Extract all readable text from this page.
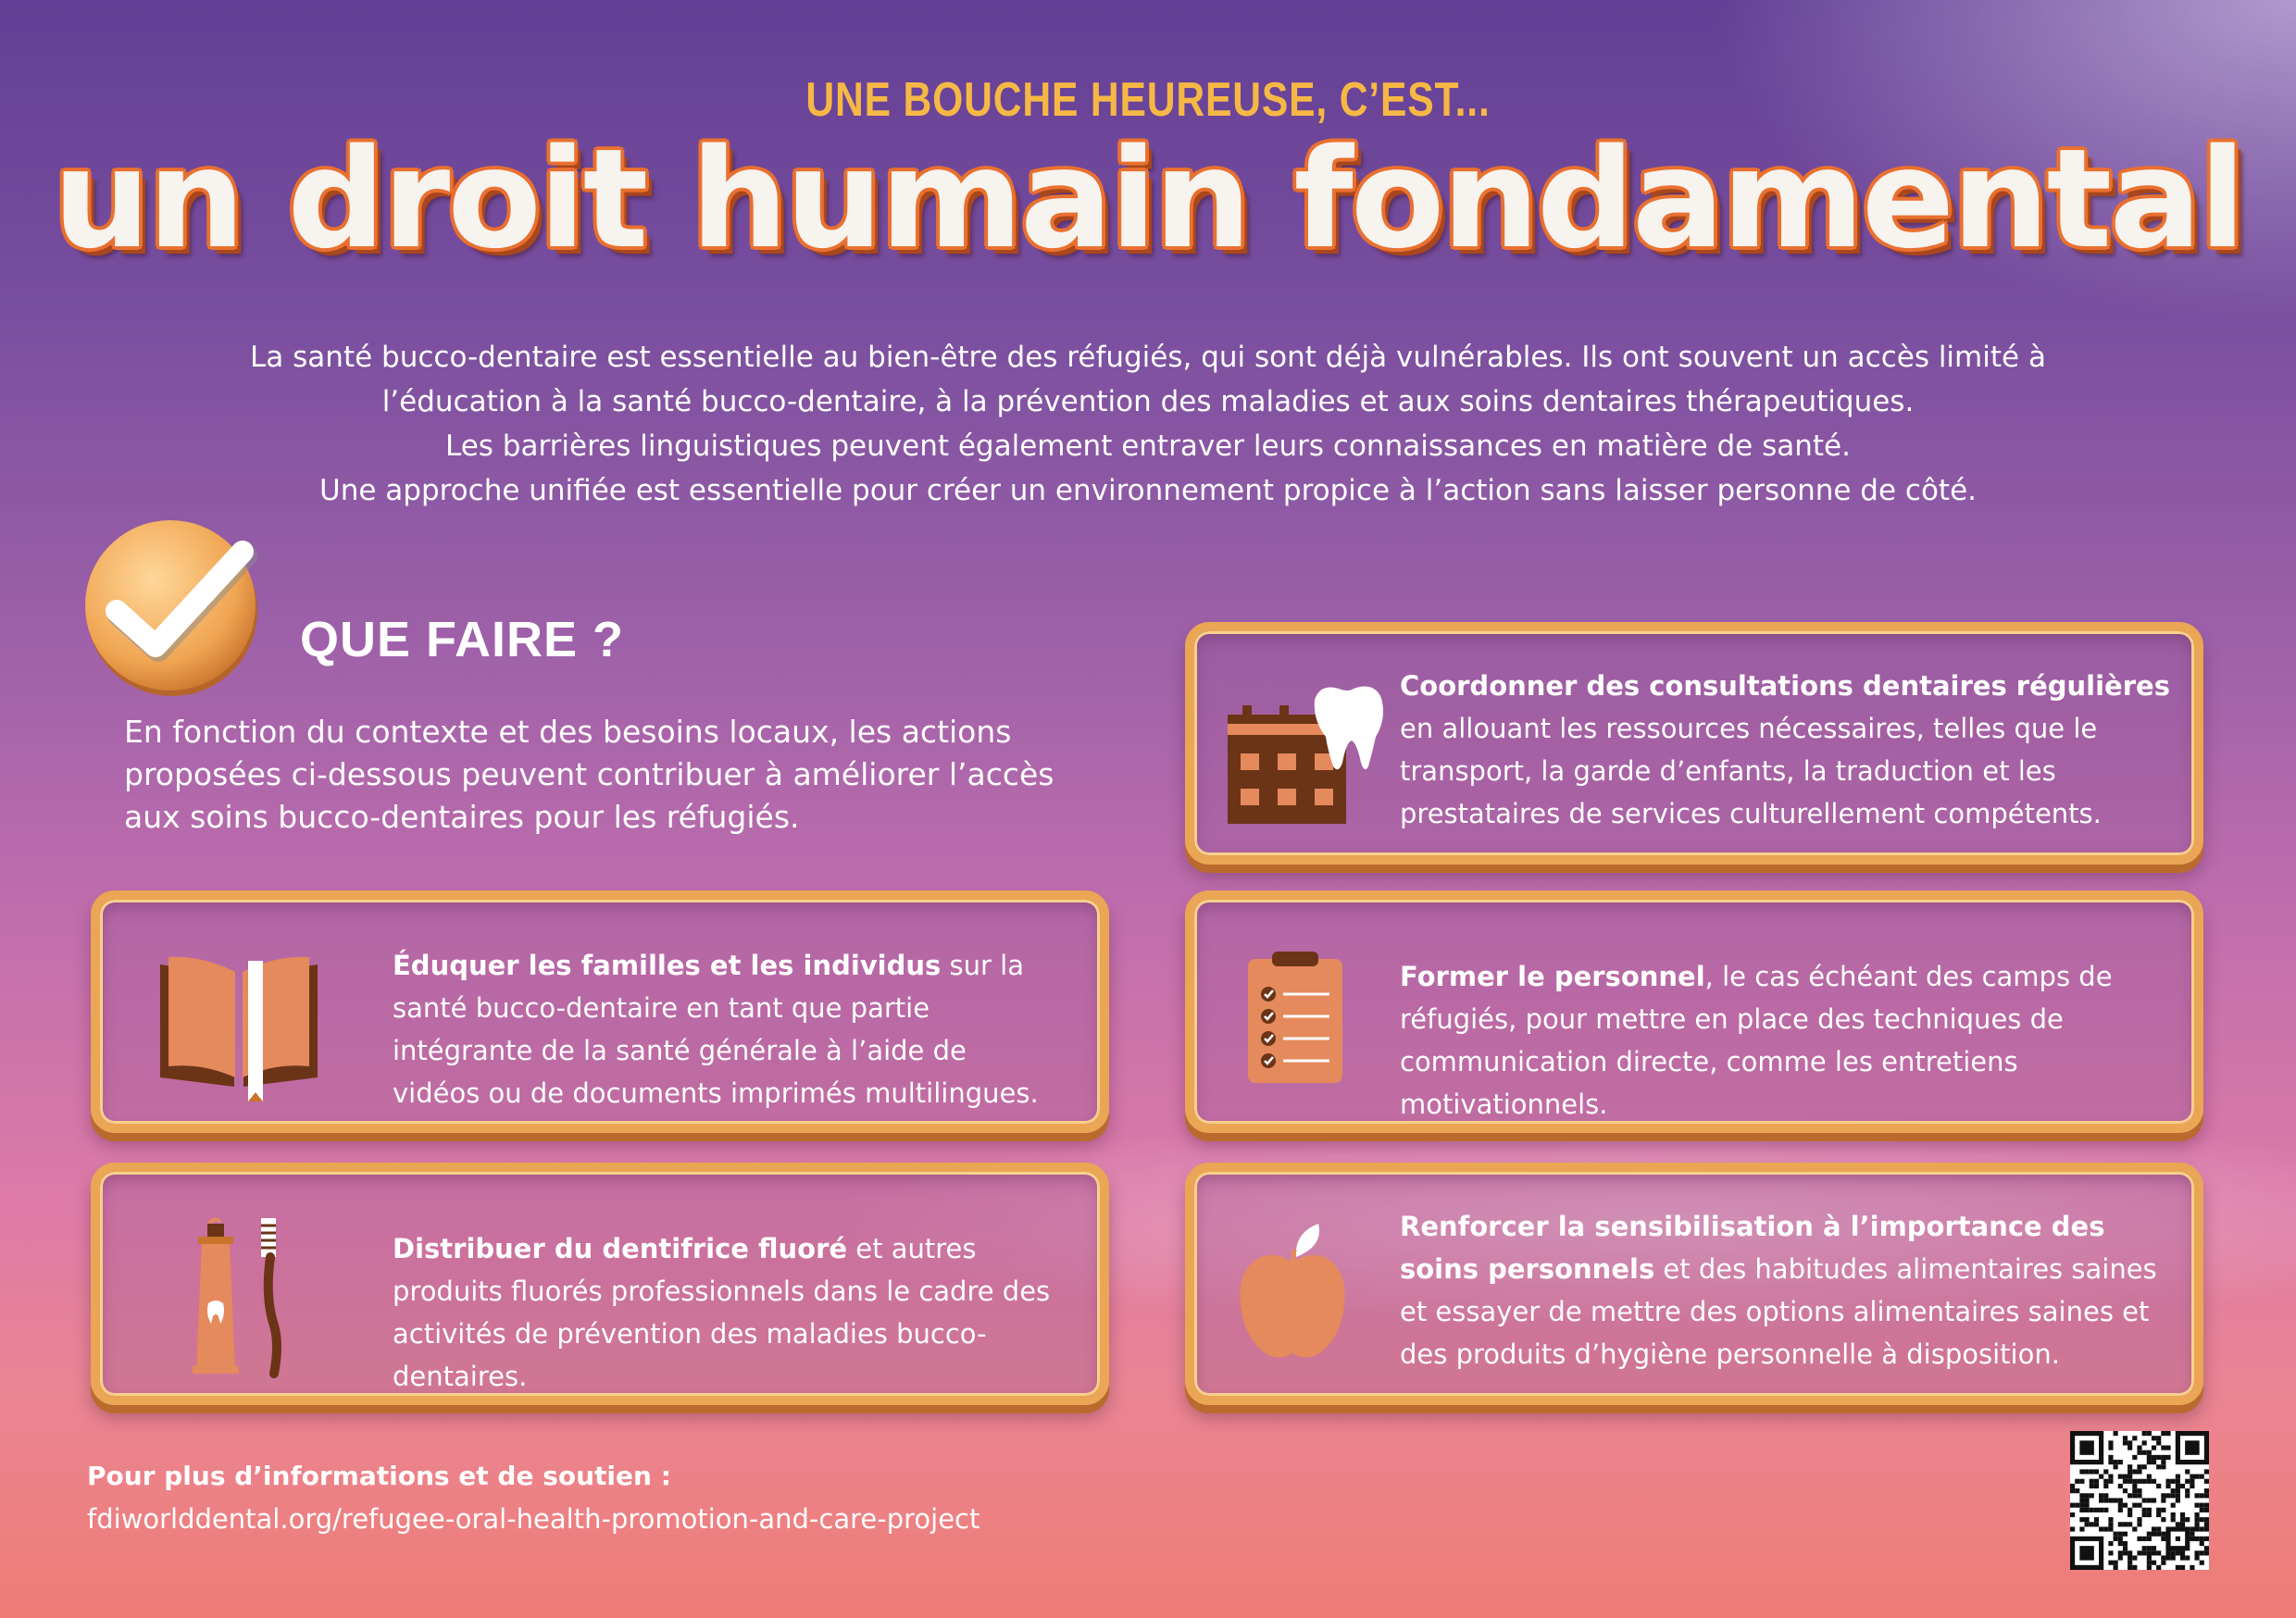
UNE BOUCHE HEUREUSE, C’EST...
un droit humain fondamental
La santé bucco-dentaire est essentielle au bien-être des réfugiés, qui sont déjà vulnérables. Ils ont souvent un accès limité à
l’éducation à la santé bucco-dentaire, à la prévention des maladies et aux soins dentaires thérapeutiques.
Les barrières linguistiques peuvent également entraver leurs connaissances en matière de santé.
Une approche unifiée est essentielle pour créer un environnement propice à l’action sans laisser personne de côté.
QUE FAIRE ?
En fonction du contexte et des besoins locaux, les actions proposées ci-dessous peuvent contribuer à améliorer l’accès aux soins bucco-dentaires pour les réfugiés.
Éduquer les familles et les individus sur la santé bucco-dentaire en tant que partie intégrante de la santé générale à l’aide de vidéos ou de documents imprimés multilingues.
Distribuer du dentifrice fluoré et autres produits fluorés professionnels dans le cadre des activités de prévention des maladies bucco-dentaires.
Coordonner des consultations dentaires régulières en allouant les ressources nécessaires, telles que le transport, la garde d’enfants, la traduction et les prestataires de services culturellement compétents.
Former le personnel, le cas échéant des camps de réfugiés, pour mettre en place des techniques de communication directe, comme les entretiens motivationnels.
Renforcer la sensibilisation à l’importance des soins personnels et des habitudes alimentaires saines et essayer de mettre des options alimentaires saines et des produits d’hygiène personnelle à disposition.
Pour plus d’informations et de soutien :
fdiworlddental.org/refugee-oral-health-promotion-and-care-project
